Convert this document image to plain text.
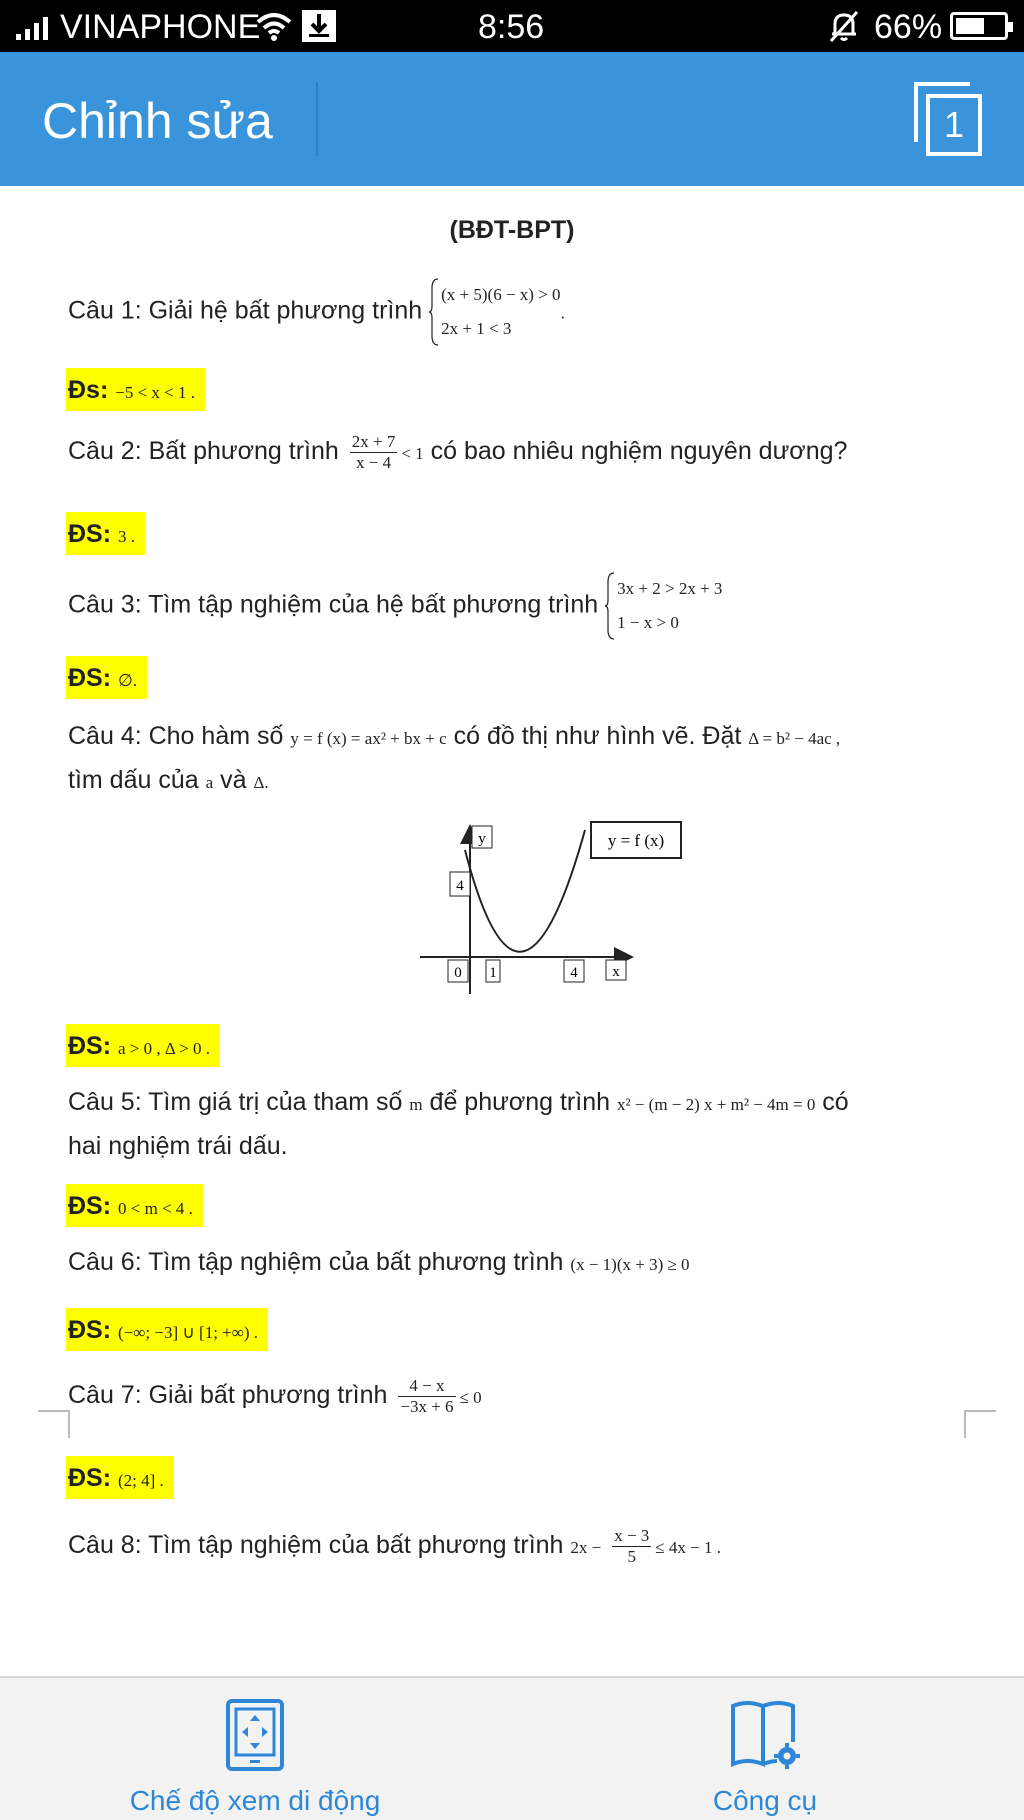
VINAPHONE	8:56	66%
Chỉnh sửa	1
(BĐT-BPT)
Câu 1: Giải hệ bất phương trình
(x + 5)(6 − x) > 0
2x + 1 < 3
.
Đs: −5 < x < 1 .
Câu 2: Bất phương trình $\frac{2x + 7}{x - 4} < 1$ có bao nhiêu nghiệm nguyên dương?
ĐS: 3 .
Câu 3: Tìm tập nghiệm của hệ bất phương trình
3x + 2 > 2x + 3
1 − x > 0
ĐS: ∅.
Câu 4: Cho hàm số y = f (x) = ax² + bx + c có đồ thị như hình vẽ. Đặt Δ = b² − 4ac ,
tìm dấu của a và Δ.
y	y = f (x)
4
0 1	4 x
ĐS: a > 0 , Δ > 0 .
Câu 5: Tìm giá trị của tham số m để phương trình x² − (m − 2) x + m² − 4m = 0 có
hai nghiệm trái dấu.
ĐS: 0 < m < 4 .
Câu 6: Tìm tập nghiệm của bất phương trình (x − 1)(x + 3) ≥ 0
ĐS: (−∞; −3] ∪ [1; +∞) .
Câu 7: Giải bất phương trình $\frac{4 - x}{-3x + 6} \le 0$
ĐS: (2; 4] .
Câu 8: Tìm tập nghiệm của bất phương trình $2x - \frac{x - 3}{5} \le 4x - 1$ .
Chế độ xem di động	Công cụ
